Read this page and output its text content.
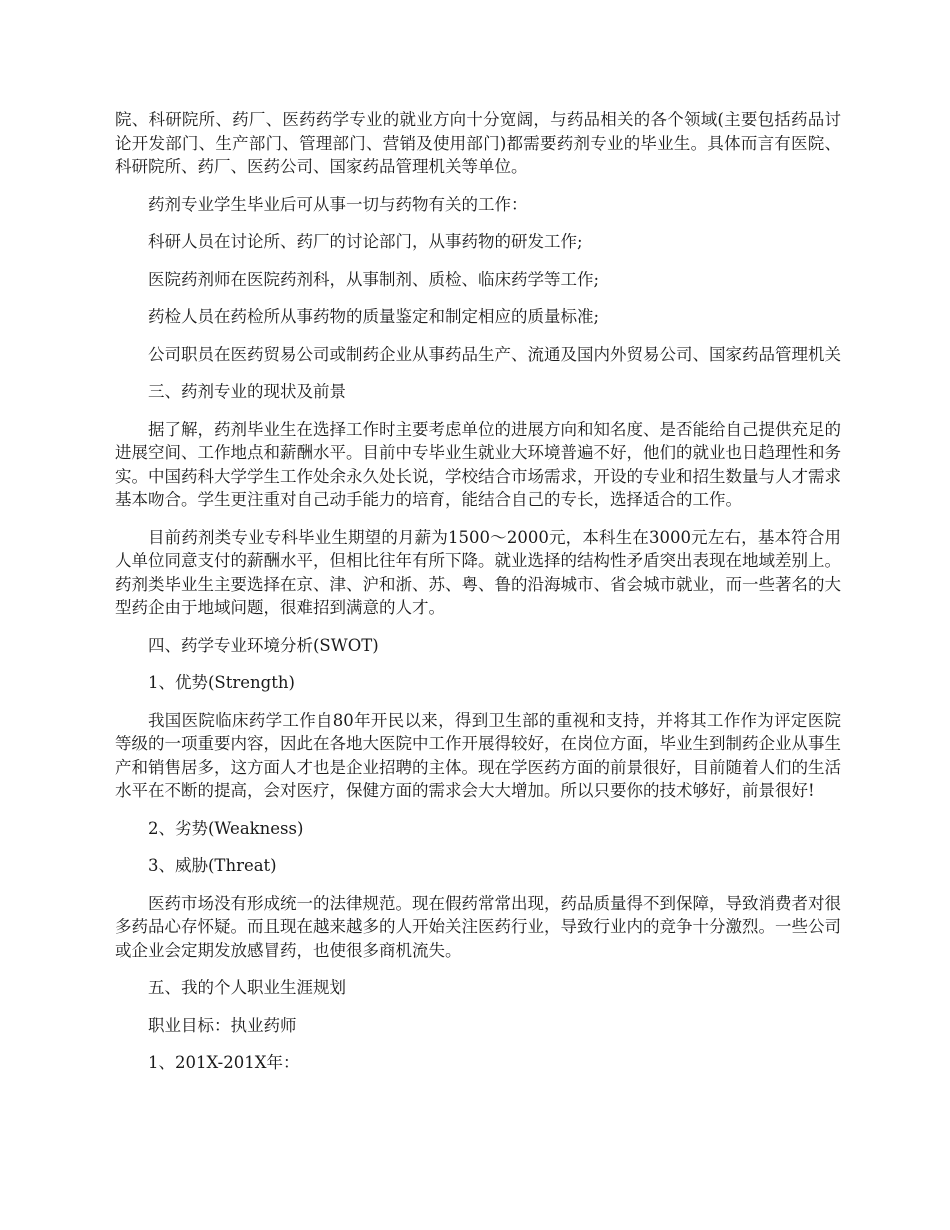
院、科研院所、药厂、医药药学专业的就业方向十分宽阔，与药品相关的各个领域(主要包括药品讨论开发部门、生产部门、管理部门、营销及使用部门)都需要药剂专业的毕业生。具体而言有医院、科研院所、药厂、医药公司、国家药品管理机关等单位。

药剂专业学生毕业后可从事一切与药物有关的工作：

科研人员在讨论所、药厂的讨论部门，从事药物的研发工作;

医院药剂师在医院药剂科，从事制剂、质检、临床药学等工作;

药检人员在药检所从事药物的质量鉴定和制定相应的质量标准;

公司职员在医药贸易公司或制药企业从事药品生产、流通及国内外贸易公司、国家药品管理机关

三、药剂专业的现状及前景

据了解，药剂毕业生在选择工作时主要考虑单位的进展方向和知名度、是否能给自己提供充足的进展空间、工作地点和薪酬水平。目前中专毕业生就业大环境普遍不好，他们的就业也日趋理性和务实。中国药科大学学生工作处余永久处长说，学校结合市场需求，开设的专业和招生数量与人才需求基本吻合。学生更注重对自己动手能力的培育，能结合自己的专长，选择适合的工作。

目前药剂类专业专科毕业生期望的月薪为1500～2000元，本科生在3000元左右，基本符合用人单位同意支付的薪酬水平，但相比往年有所下降。就业选择的结构性矛盾突出表现在地域差别上。药剂类毕业生主要选择在京、津、沪和浙、苏、粤、鲁的沿海城市、省会城市就业，而一些著名的大型药企由于地域问题，很难招到满意的人才。

四、药学专业环境分析(SWOT)

1、优势(Strength)

我国医院临床药学工作自80年开民以来，得到卫生部的重视和支持，并将其工作作为评定医院等级的一项重要内容，因此在各地大医院中工作开展得较好，在岗位方面，毕业生到制药企业从事生产和销售居多，这方面人才也是企业招聘的主体。现在学医药方面的前景很好，目前随着人们的生活水平在不断的提高，会对医疗，保健方面的需求会大大增加。所以只要你的技术够好，前景很好!

2、劣势(Weakness)

3、威胁(Threat)

医药市场没有形成统一的法律规范。现在假药常常出现，药品质量得不到保障，导致消费者对很多药品心存怀疑。而且现在越来越多的人开始关注医药行业，导致行业内的竞争十分激烈。一些公司或企业会定期发放感冒药，也使很多商机流失。

五、我的个人职业生涯规划

职业目标：执业药师

1、201X-201X年：
